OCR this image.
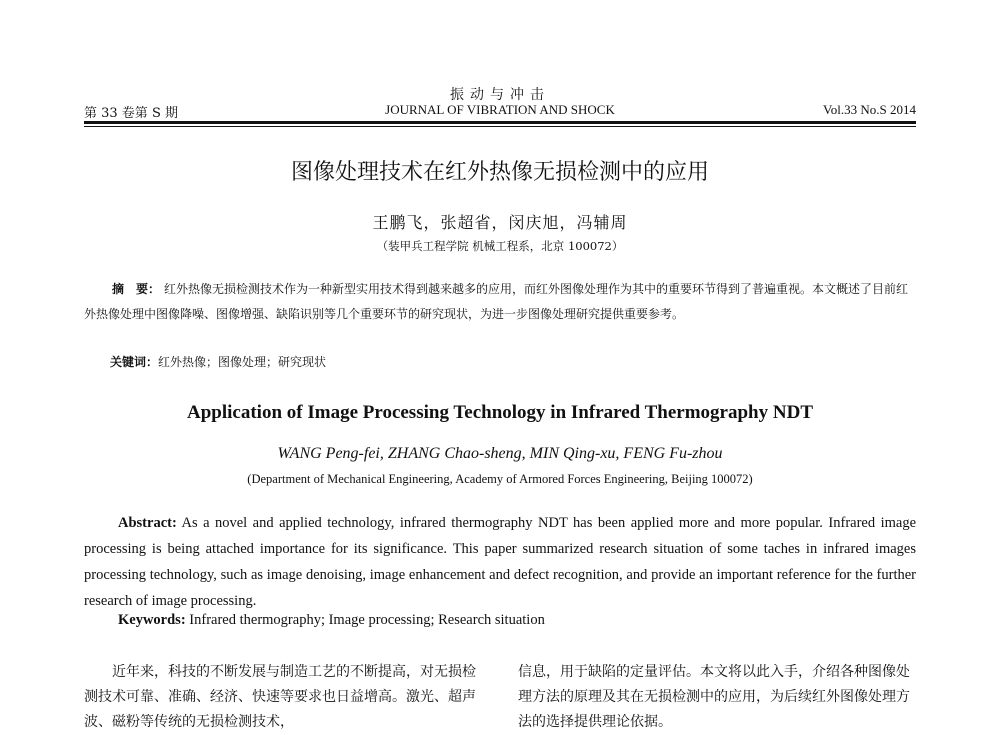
振动与冲击
第 33 卷第 S 期	JOURNAL OF VIBRATION AND SHOCK	Vol.33 No.S 2014
图像处理技术在红外热像无损检测中的应用
王鹏飞，张超省，闵庆旭，冯辅周
（装甲兵工程学院 机械工程系，北京 100072）
摘　要： 红外热像无损检测技术作为一种新型实用技术得到越来越多的应用，而红外图像处理作为其中的重要环节得到了普遍重视。本文概述了目前红外热像处理中图像降噪、图像增强、缺陷识别等几个重要环节的研究现状，为进一步图像处理研究提供重要参考。
关键词：红外热像；图像处理；研究现状
Application of Image Processing Technology in Infrared Thermography NDT
WANG Peng-fei, ZHANG Chao-sheng, MIN Qing-xu, FENG Fu-zhou
(Department of Mechanical Engineering, Academy of Armored Forces Engineering, Beijing 100072)
Abstract: As a novel and applied technology, infrared thermography NDT has been applied more and more popular. Infrared image processing is being attached importance for its significance. This paper summarized research situation of some taches in infrared images processing technology, such as image denoising, image enhancement and defect recognition, and provide an important reference for the further research of image processing.
Keywords: Infrared thermography; Image processing; Research situation
近年来，科技的不断发展与制造工艺的不断提高，对无损检测技术可靠、准确、经济、快速等要求也日益增高。激光、超声波、磁粉等传统的无损检测技术，
信息，用于缺陷的定量评估。本文将以此入手，介绍各种图像处理方法的原理及其在无损检测中的应用，为后续红外图像处理方法的选择提供理论依据。
